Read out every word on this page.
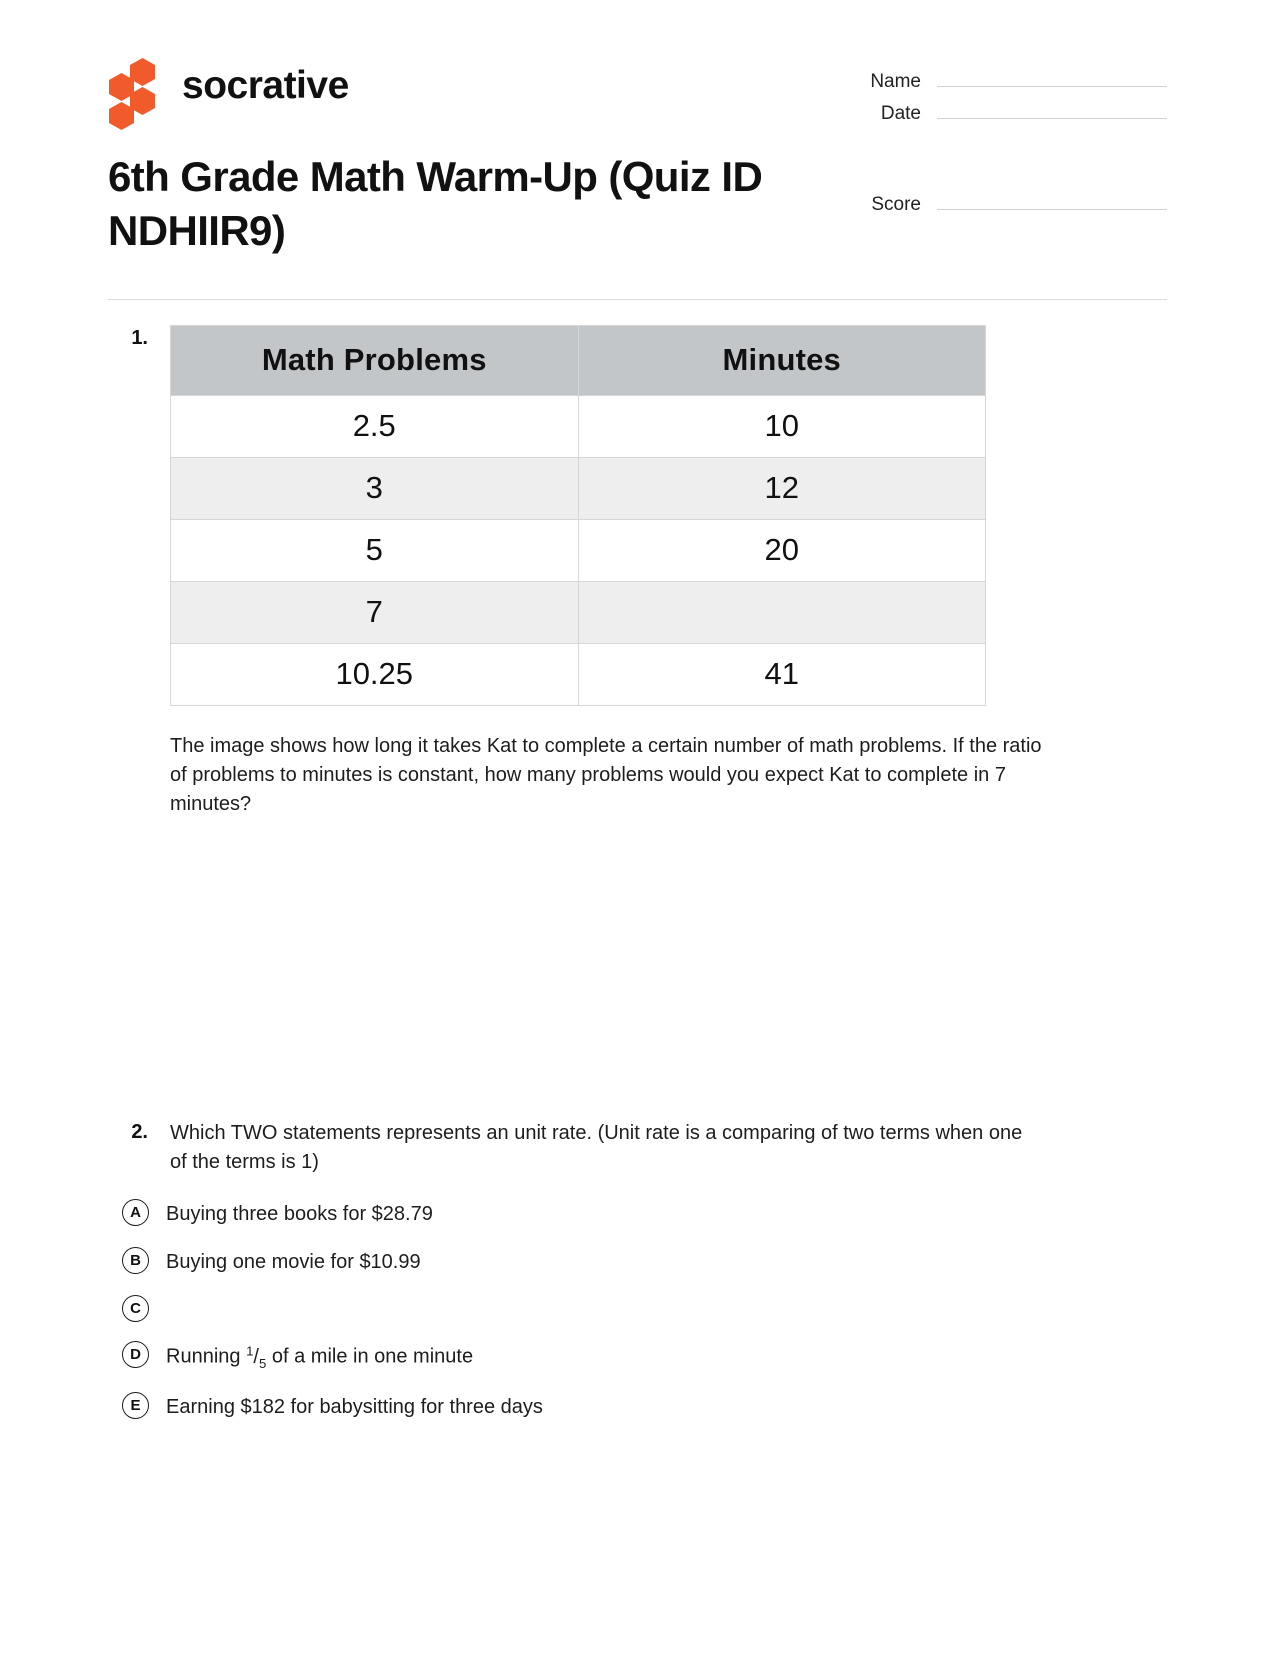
socrative	Name
Date
Score
6th Grade Math Warm-Up (Quiz ID NDHIIR9)
1.
Math Problems	Minutes
2.5	10
3	12
5	20
7	
10.25	41
The image shows how long it takes Kat to complete a certain number of math problems. If the ratio of problems to minutes is constant, how many problems would you expect Kat to complete in 7 minutes?
2.	Which TWO statements represents an unit rate. (Unit rate is a comparing of two terms when one of the terms is 1)
A	Buying three books for $28.79
B	Buying one movie for $10.99
C
D	Running $^1/_5$ of a mile in one minute
E	Earning $182 for babysitting for three days
